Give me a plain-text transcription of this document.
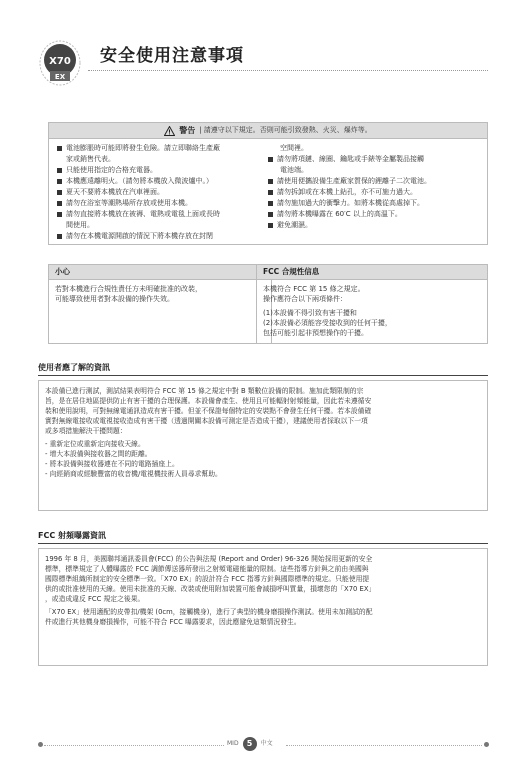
X70
EX
安全使用注意事項
警告 | 請遵守以下規定。否則可能引致發熱、火災、爆炸等。
電池膨脹時可能即將發生危險。請立即聯絡生產廠
家或銷售代表。
只能使用指定的合格充電器。
本機應遠離明火。（請勿將本機放入微波爐中。）
夏天不要將本機放在汽車裡面。
請勿在浴室等潮熱場所存放或使用本機。
請勿直接將本機放在被褥、電熱或電毯上面或長時
間使用。
請勿在本機電源開啟的情況下將本機存放在封閉
空間裡。
請勿將項鏈、線圈、鑰匙或手錶等金屬製品接觸
電池端。
請使用便攜設備生產廠家質保的鋰離子二次電池。
請勿拆卸或在本機上鉆孔，亦不可施力過大。
請勿施加過大的衝擊力。如將本機從高處掉下。
請勿將本機曝露在 60′C 以上的高溫下。
避免潮濕。
小心

若對本機進行合規性責任方未明確批准的改裝，

可能導致使用者對本設備的操作失效。

FCC 合規性信息

本機符合 FCC 第 15 條之規定。

操作應符合以下兩項條件：

(1)本設備不得引致有害干擾和

(2)本設備必須能容受接收到的任何干擾，

包括可能引起非預想操作的干擾。

使用者應了解的資訊

本設備已進行測試，測試結果表明符合 FCC 第 15 條之規定中對 B 類數位設備的限制。施加此類限制的宗
旨，是在居住地區提供防止有害干擾的合理保護。本設備會產生、使用且可能輻射射頻能量，因此若未遵循安
裝和使用說明，可對無線電通訊造成有害干擾。但並不保證每個特定的安裝點不會發生任何干擾。若本設備確
實對無線電接收或電視接收造成有害干擾（透過開關本設備可測定是否造成干擾），建議使用者採取以下一項
或多項措施解決干擾問題：

- 重新定位或重新定向接收天線。
- 增大本設備與接收器之間的距離。
- 將本設備與接收器連在不同的電路插座上。
- 向經銷商或經驗豐富的收音機/電視機技術人員尋求幫助。
FCC 射頻曝露資訊

1996 年 8 月，美國聯邦通訊委員會(FCC) 的公告與法規 (Report and Order) 96-326 開始採用更新的安全
標準，標準規定了人體曝露於 FCC 調節傳送器所發出之射頻電磁能量的限制。這些指導方針與之前由美國與
國際標準組織所制定的安全標準一致。「X70 EX」的設計符合 FCC 指導方針與國際標準的規定。只能使用提
供的或批准使用的天線。使用未批准的天線、改裝或使用附加裝置可能會減損呼叫質量，損壞您的「X70 EX」
，或造成違反 FCC 規定之後果。

「X70 EX」使用適配的皮帶扣/機架 (0cm，接觸機身)，進行了典型的機身磨損操作測試。使用未加測試的配
件或進行其他機身磨損操作，可能不符合 FCC 曝露要求，因此應避免這類情況發生。

MID	5	中文
